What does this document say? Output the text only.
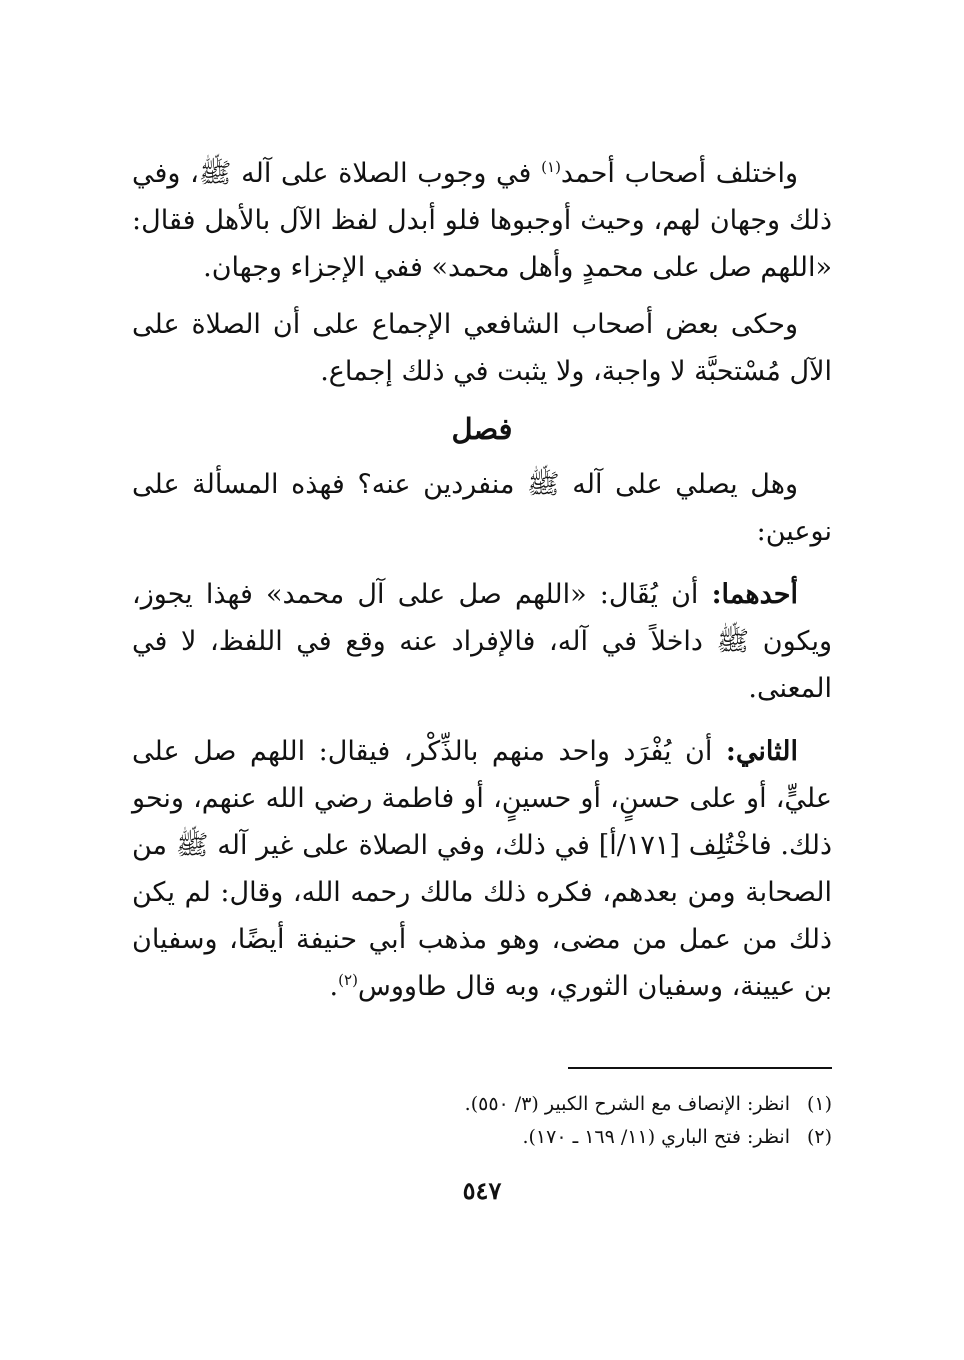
واختلف أصحاب أحمد$^{(١)}$ في وجوب الصلاة على آله ﷺ، وفي ذلك وجهان لهم، وحيث أوجبوها فلو أبدل لفظ الآل بالأهل فقال: «اللهم صل على محمدٍ وأهل محمد» ففي الإجزاء وجهان.

وحكى بعض أصحاب الشافعي الإجماع على أن الصلاة على الآل مُسْتحبَّة لا واجبة، ولا يثبت في ذلك إجماع.

فصل

وهل يصلي على آله ﷺ منفردين عنه؟ فهذه المسألة على نوعين:

أحدهما: أن يُقَال: «اللهم صل على آل محمد» فهذا يجوز، ويكون ﷺ داخلاً في آله، فالإفراد عنه وقع في اللفظ، لا في المعنى.

الثاني: أن يُفْرَد واحد منهم بالذِّكْر، فيقال: اللهم صل على عليٍّ، أو على حسنٍ، أو حسينٍ، أو فاطمة رضي الله عنهم، ونحو ذلك. فاخْتُلِف [١٧١/أ] في ذلك، وفي الصلاة على غير آله ﷺ من الصحابة ومن بعدهم، فكره ذلك مالك رحمه الله، وقال: لم يكن ذلك من عمل من مضى، وهو مذهب أبي حنيفة أيضًا، وسفيان بن عيينة، وسفيان الثوري، وبه قال طاووس$^{(٢)}$.

(١)انظر: الإنصاف مع الشرح الكبير (٣/ ٥٥٠).
(٢)انظر: فتح الباري (١١/ ١٦٩ ـ ١٧٠).
٥٤٧
